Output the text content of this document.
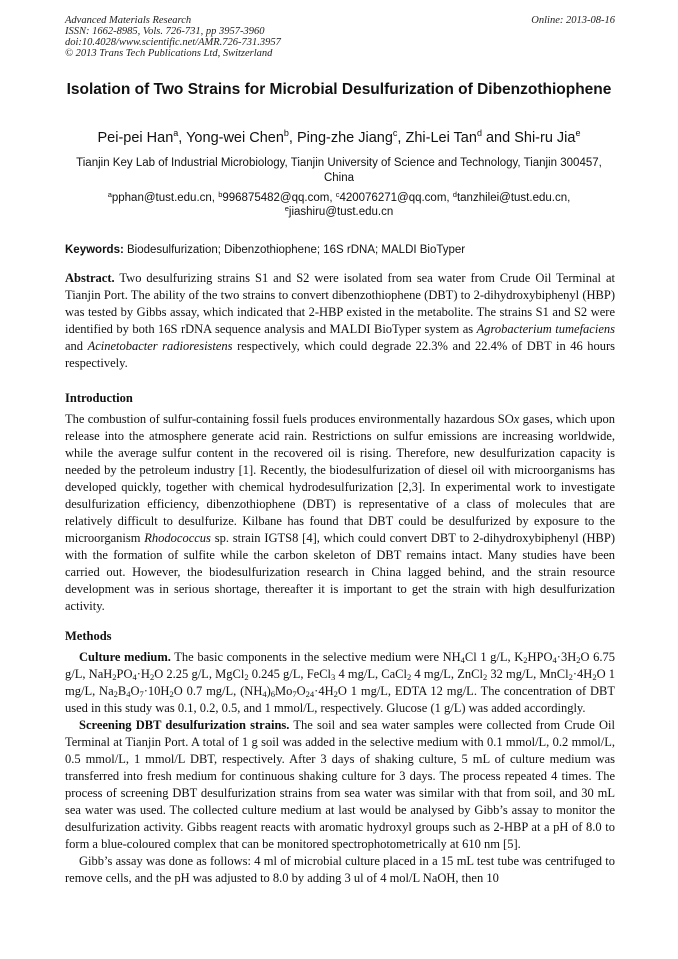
Advanced Materials Research
ISSN: 1662-8985, Vols. 726-731, pp 3957-3960
doi:10.4028/www.scientific.net/AMR.726-731.3957
© 2013 Trans Tech Publications Ltd, Switzerland
Online: 2013-08-16
Isolation of Two Strains for Microbial Desulfurization of Dibenzothiophene
Pei-pei Han$^a$, Yong-wei Chen$^b$, Ping-zhe Jiang$^c$, Zhi-Lei Tan$^d$ and Shi-ru Jia$^e$
Tianjin Key Lab of Industrial Microbiology, Tianjin University of Science and Technology, Tianjin 300457, China
$^a$pphan@tust.edu.cn, $^b$996875482@qq.com, $^c$420076271@qq.com, $^d$tanzhilei@tust.edu.cn,
$^e$jiashiru@tust.edu.cn
Keywords: Biodesulfurization; Dibenzothiophene; 16S rDNA; MALDI BioTyper

Abstract. Two desulfurizing strains S1 and S2 were isolated from sea water from Crude Oil Terminal at Tianjin Port. The ability of the two strains to convert dibenzothiophene (DBT) to 2-dihydroxybiphenyl (HBP) was tested by Gibbs assay, which indicated that 2-HBP existed in the metabolite. The strains S1 and S2 were identified by both 16S rDNA sequence analysis and MALDI BioTyper system as Agrobacterium tumefaciens and Acinetobacter radioresistens respectively, which could degrade 22.3% and 22.4% of DBT in 46 hours respectively.

Introduction

The combustion of sulfur-containing fossil fuels produces environmentally hazardous SOx gases, which upon release into the atmosphere generate acid rain. Restrictions on sulfur emissions are increasing worldwide, while the average sulfur content in the recovered oil is rising. Therefore, new desulfurization capacity is needed by the petroleum industry [1]. Recently, the biodesulfurization of diesel oil with microorganisms has developed quickly, together with chemical hydrodesulfurization [2,3]. In experimental work to investigate desulfurization efficiency, dibenzothiophene (DBT) is representative of a class of molecules that are relatively difficult to desulfurize. Kilbane has found that DBT could be desulfurized by exposure to the microorganism Rhodococcus sp. strain IGTS8 [4], which could convert DBT to 2-dihydroxybiphenyl (HBP) with the formation of sulfite while the carbon skeleton of DBT remains intact. Many studies have been carried out. However, the biodesulfurization research in China lagged behind, and the strain resource development was in serious shortage, thereafter it is important to get the strain with high desulfurization activity.

Methods

Culture medium. The basic components in the selective medium were $NH_4Cl$ 1 g/L, $K_2HPO_4\cdot 3H_2O$ 6.75 g/L, $NaH_2PO_4\cdot H_2O$ 2.25 g/L, MgCl$_2$ 0.245 g/L, FeCl$_3$ 4 mg/L, CaCl$_2$ 4 mg/L, ZnCl$_2$ 32 mg/L, $MnCl_2\cdot 4H_2O$ 1 mg/L, $Na_2B_4O_7\cdot 10H_2O$ 0.7 mg/L, $(NH_4)_6Mo_7O_{24}\cdot 4H_2O$ 1 mg/L, EDTA 12 mg/L. The concentration of DBT used in this study was 0.1, 0.2, 0.5, and 1 mmol/L, respectively. Glucose (1 g/L) was added accordingly.

Screening DBT desulfurization strains. The soil and sea water samples were collected from Crude Oil Terminal at Tianjin Port. A total of 1 g soil was added in the selective medium with 0.1 mmol/L, 0.2 mmol/L, 0.5 mmol/L, 1 mmol/L DBT, respectively. After 3 days of shaking culture, 5 mL of culture medium was transferred into fresh medium for continuous shaking culture for 3 days. The process repeated 4 times. The process of screening DBT desulfurization strains from sea water was similar with that from soil, and 30 mL sea water was used. The collected culture medium at last would be analysed by Gibb’s assay to monitor the desulfurization activity. Gibbs reagent reacts with aromatic hydroxyl groups such as 2-HBP at a pH of 8.0 to form a blue-coloured complex that can be monitored spectrophotometrically at 610 nm [5].

Gibb’s assay was done as follows: 4 ml of microbial culture placed in a 15 mL test tube was centrifuged to remove cells, and the pH was adjusted to 8.0 by adding 3 ul of 4 mol/L NaOH, then 10
